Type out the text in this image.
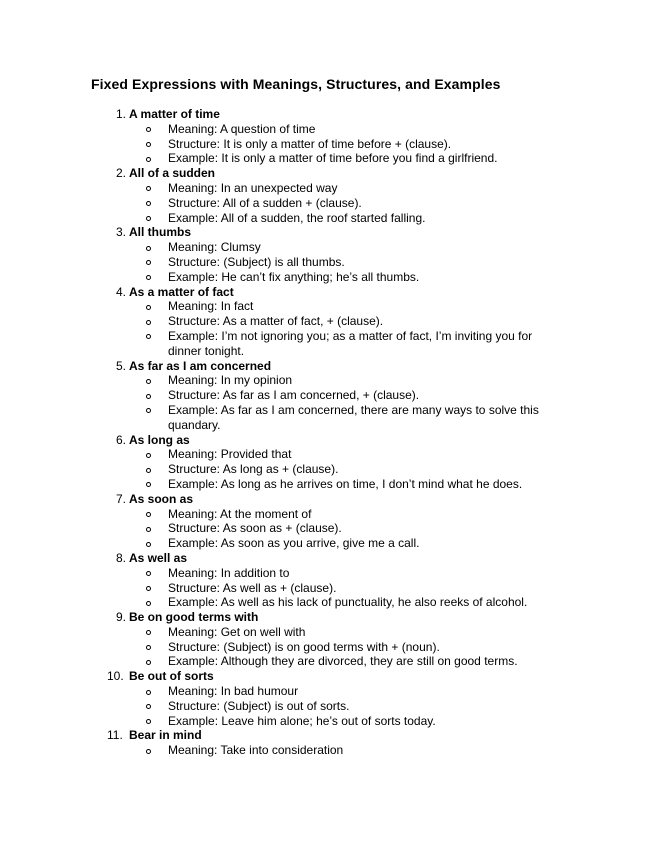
Fixed Expressions with Meanings, Structures, and Examples
1. A matter of time
Meaning: A question of time
Structure: It is only a matter of time before + (clause).
Example: It is only a matter of time before you find a girlfriend.
2. All of a sudden
Meaning: In an unexpected way
Structure: All of a sudden + (clause).
Example: All of a sudden, the roof started falling.
3. All thumbs
Meaning: Clumsy
Structure: (Subject) is all thumbs.
Example: He can’t fix anything; he’s all thumbs.
4. As a matter of fact
Meaning: In fact
Structure: As a matter of fact, + (clause).
Example: I’m not ignoring you; as a matter of fact, I’m inviting you for dinner tonight.
5. As far as I am concerned
Meaning: In my opinion
Structure: As far as I am concerned, + (clause).
Example: As far as I am concerned, there are many ways to solve this quandary.
6. As long as
Meaning: Provided that
Structure: As long as + (clause).
Example: As long as he arrives on time, I don’t mind what he does.
7. As soon as
Meaning: At the moment of
Structure: As soon as + (clause).
Example: As soon as you arrive, give me a call.
8. As well as
Meaning: In addition to
Structure: As well as + (clause).
Example: As well as his lack of punctuality, he also reeks of alcohol.
9. Be on good terms with
Meaning: Get on well with
Structure: (Subject) is on good terms with + (noun).
Example: Although they are divorced, they are still on good terms.
10. Be out of sorts
Meaning: In bad humour
Structure: (Subject) is out of sorts.
Example: Leave him alone; he’s out of sorts today.
11. Bear in mind
Meaning: Take into consideration
